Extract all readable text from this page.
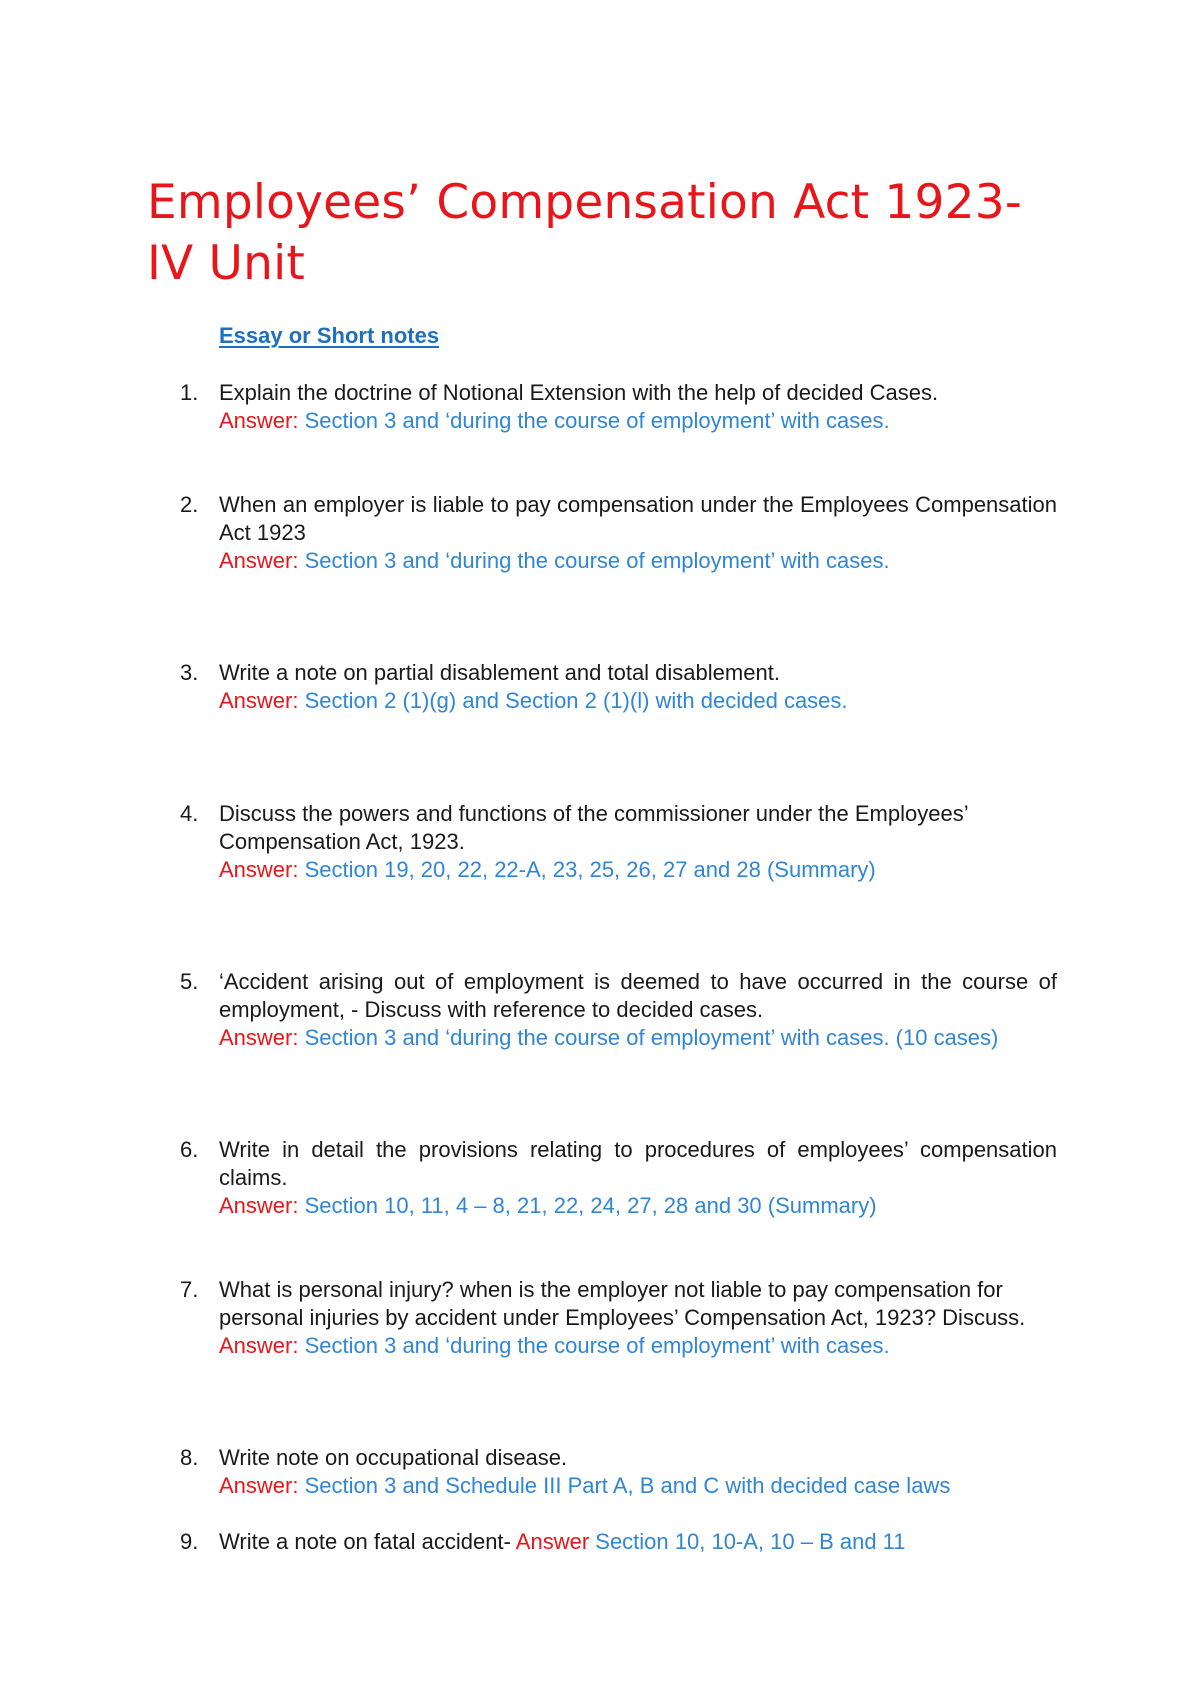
Employees’ Compensation Act 1923- IV Unit
Essay or Short notes
1. Explain the doctrine of Notional Extension with the help of decided Cases.
Answer: Section 3 and ‘during the course of employment’ with cases.
2. When an employer is liable to pay compensation under the Employees Compensation Act 1923
Answer: Section 3 and ‘during the course of employment’ with cases.
3. Write a note on partial disablement and total disablement.
Answer: Section 2 (1)(g) and Section 2 (1)(l) with decided cases.
4. Discuss the powers and functions of the commissioner under the Employees’ Compensation Act, 1923.
Answer: Section 19, 20, 22, 22-A, 23, 25, 26, 27 and 28 (Summary)
5. ‘Accident arising out of employment is deemed to have occurred in the course of employment, - Discuss with reference to decided cases.
Answer: Section 3 and ‘during the course of employment’ with cases. (10 cases)
6. Write in detail the provisions relating to procedures of employees’ compensation claims.
Answer: Section 10, 11, 4 – 8, 21, 22, 24, 27, 28 and 30 (Summary)
7. What is personal injury? when is the employer not liable to pay compensation for personal injuries by accident under Employees’ Compensation Act, 1923? Discuss.
Answer: Section 3 and ‘during the course of employment’ with cases.
8. Write note on occupational disease.
Answer: Section 3 and Schedule III Part A, B and C with decided case laws
9. Write a note on fatal accident- Answer Section 10, 10-A, 10 – B and 11
